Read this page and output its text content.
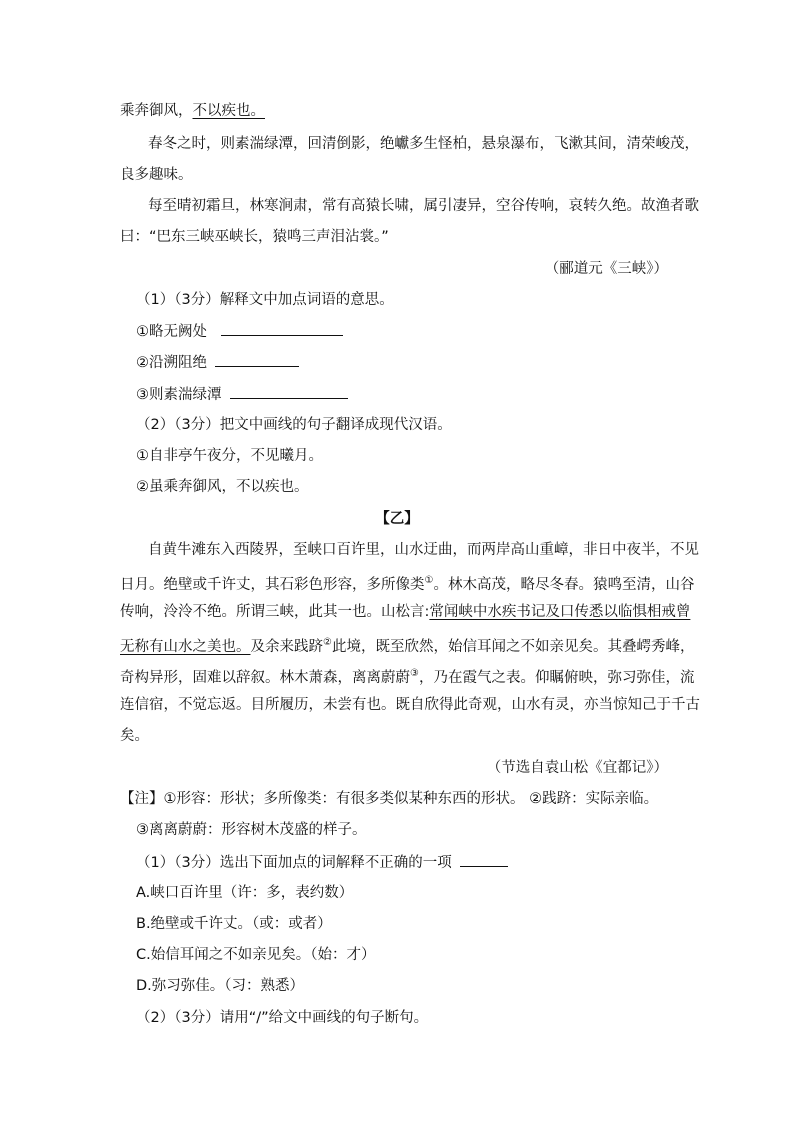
乘奔御风，不以疾也。
春冬之时，则素湍绿潭，回清倒影，绝巘多生怪柏，悬泉瀑布，飞漱其间，清荣峻茂，
良多趣味。
每至晴初霜旦，林寒涧肃，常有高猿长啸，属引凄异，空谷传响，哀转久绝。故渔者歌
曰：“巴东三峡巫峡长，猿鸣三声泪沾裳。”
（郦道元《三峡》）
（1）（3分）解释文中加点词语的意思。
①略无阙处
②沿溯阻绝
③则素湍绿潭
（2）（3分）把文中画线的句子翻译成现代汉语。
①自非亭午夜分，不见曦月。
②虽乘奔御风，不以疾也。
【乙】
自黄牛滩东入西陵界，至峡口百许里，山水迂曲，而两岸高山重嶂，非日中夜半，不见
日月。绝壁或千许丈，其石彩色形容，多所像类①。林木高茂，略尽冬春。猿鸣至清，山谷
传响，泠泠不绝。所谓三峡，此其一也。山松言:常闻峡中水疾书记及口传悉以临惧相戒曾
无称有山水之美也。及余来践跻②此境，既至欣然，始信耳闻之不如亲见矣。其叠崿秀峰，
奇构异形，固难以辞叙。林木萧森，离离蔚蔚③，乃在霞气之表。仰瞩俯映，弥习弥佳，流
连信宿，不觉忘返。目所履历，未尝有也。既自欣得此奇观，山水有灵，亦当惊知己于千古
矣。
（节选自袁山松《宜都记》）
【注】①形容：形状；多所像类：有很多类似某种东西的形状。 ②践跻：实际亲临。
③离离蔚蔚：形容树木茂盛的样子。
（1）（3分）选出下面加点的词解释不正确的一项
A.峡口百许里（许：多，表约数）
B.绝壁或千许丈。（或：或者）
C.始信耳闻之不如亲见矣。（始：才）
D.弥习弥佳。（习：熟悉）
（2）（3分）请用“/”给文中画线的句子断句。
